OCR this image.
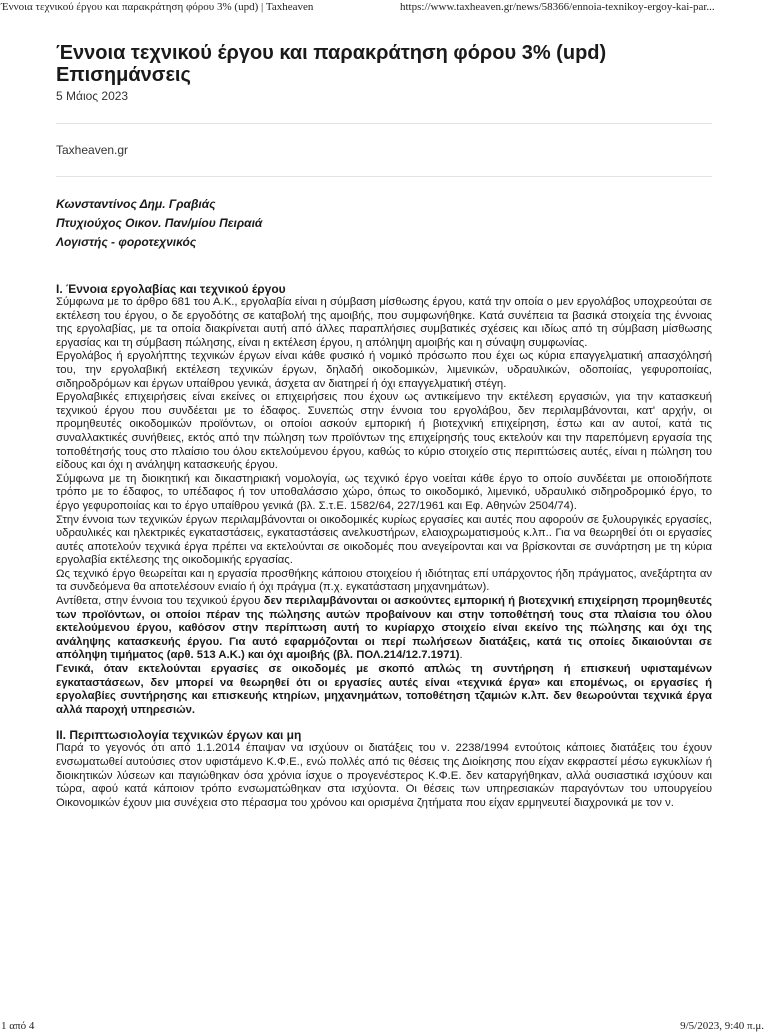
Έννοια τεχνικού έργου και παρακράτηση φόρου 3% (upd) | Taxheaven	https://www.taxheaven.gr/news/58366/ennoia-texnikoy-ergoy-kai-par...
Έννοια τεχνικού έργου και παρακράτηση φόρου 3% (upd) Επισημάνσεις
5 Μάιος 2023
Taxheaven.gr
Κωνσταντίνος Δημ. Γραβιάς
Πτυχιούχος Οικον. Παν/μίου Πειραιά
Λογιστής - φοροτεχνικός
I. Έννοια εργολαβίας και τεχνικού έργου

Σύμφωνα με το άρθρο 681 του Α.Κ., εργολαβία είναι η σύμβαση μίσθωσης έργου, κατά την οποία ο μεν εργολάβος υποχρεούται σε εκτέλεση του έργου, ο δε εργοδότης σε καταβολή της αμοιβής, που συμφωνήθηκε. Κατά συνέπεια τα βασικά στοιχεία της έννοιας της εργολαβίας, με τα οποία διακρίνεται αυτή από άλλες παραπλήσιες συμβατικές σχέσεις και ιδίως από τη σύμβαση μίσθωσης εργασίας και τη σύμβαση πώλησης, είναι η εκτέλεση έργου, η απόληψη αμοιβής και η σύναψη συμφωνίας.

Εργολάβος ή εργολήπτης τεχνικών έργων είναι κάθε φυσικό ή νομικό πρόσωπο που έχει ως κύρια επαγγελματική απασχόλησή του, την εργολαβική εκτέλεση τεχνικών έργων, δηλαδή οικοδομικών, λιμενικών, υδραυλικών, οδοποιίας, γεφυροποιίας, σιδηροδρόμων και έργων υπαίθρου γενικά, άσχετα αν διατηρεί ή όχι επαγγελματική στέγη.

Εργολαβικές επιχειρήσεις είναι εκείνες οι επιχειρήσεις που έχουν ως αντικείμενο την εκτέλεση εργασιών, για την κατασκευή τεχνικού έργου που συνδέεται με το έδαφος. Συνεπώς στην έννοια του εργολάβου, δεν περιλαμβάνονται, κατ' αρχήν, οι προμηθευτές οικοδομικών προϊόντων, οι οποίοι ασκούν εμπορική ή βιοτεχνική επιχείρηση, έστω και αν αυτοί, κατά τις συναλλακτικές συνήθειες, εκτός από την πώληση των προϊόντων της επιχείρησής τους εκτελούν και την παρεπόμενη εργασία της τοποθέτησής τους στο πλαίσιο του όλου εκτελούμενου έργου, καθώς το κύριο στοιχείο στις περιπτώσεις αυτές, είναι η πώληση του είδους και όχι η ανάληψη κατασκευής έργου.

Σύμφωνα με τη διοικητική και δικαστηριακή νομολογία, ως τεχνικό έργο νοείται κάθε έργο το οποίο συνδέεται με οποιοδήποτε τρόπο με το έδαφος, το υπέδαφος ή τον υποθαλάσσιο χώρο, όπως το οικοδομικό, λιμενικό, υδραυλικό σιδηροδρομικό έργο, το έργο γεφυροποιίας και το έργο υπαίθρου γενικά (βλ. Σ.τ.Ε. 1582/64, 227/1961 και Εφ. Αθηνών 2504/74).

Στην έννοια των τεχνικών έργων περιλαμβάνονται οι οικοδομικές κυρίως εργασίες και αυτές που αφορούν σε ξυλουργικές εργασίες, υδραυλικές και ηλεκτρικές εγκαταστάσεις, εγκαταστάσεις ανελκυστήρων, ελαιοχρωματισμούς κ.λπ.. Για να θεωρηθεί ότι οι εργασίες αυτές αποτελούν τεχνικά έργα πρέπει να εκτελούνται σε οικοδομές που ανεγείρονται και να βρίσκονται σε συνάρτηση με τη κύρια εργολαβία εκτέλεσης της οικοδομικής εργασίας.

Ως τεχνικό έργο θεωρείται και η εργασία προσθήκης κάποιου στοιχείου ή ιδιότητας επί υπάρχοντος ήδη πράγματος, ανεξάρτητα αν τα συνδεόμενα θα αποτελέσουν ενιαίο ή όχι πράγμα (π.χ. εγκατάσταση μηχανημάτων).

Αντίθετα, στην έννοια του τεχνικού έργου δεν περιλαμβάνονται οι ασκούντες εμπορική ή βιοτεχνική επιχείρηση προμηθευτές των προϊόντων, οι οποίοι πέραν της πώλησης αυτών προβαίνουν και στην τοποθέτησή τους στα πλαίσια του όλου εκτελούμενου έργου, καθόσον στην περίπτωση αυτή το κυρίαρχο στοιχείο είναι εκείνο της πώλησης και όχι της ανάληψης κατασκευής έργου. Για αυτό εφαρμόζονται οι περί πωλήσεων διατάξεις, κατά τις οποίες δικαιούνται σε απόληψη τιμήματος (αρθ. 513 Α.Κ.) και όχι αμοιβής (βλ. ΠΟΛ.214/12.7.1971).

Γενικά, όταν εκτελούνται εργασίες σε οικοδομές με σκοπό απλώς τη συντήρηση ή επισκευή υφισταμένων εγκαταστάσεων, δεν μπορεί να θεωρηθεί ότι οι εργασίες αυτές είναι «τεχνικά έργα» και επομένως, οι εργασίες ή εργολαβίες συντήρησης και επισκευής κτηρίων, μηχανημάτων, τοποθέτηση τζαμιών κ.λπ. δεν θεωρούνται τεχνικά έργα αλλά παροχή υπηρεσιών.

II. Περιπτωσιολογία τεχνικών έργων και μη

Παρά το γεγονός ότι από 1.1.2014 έπαψαν να ισχύουν οι διατάξεις του ν. 2238/1994 εντούτοις κάποιες διατάξεις του έχουν ενσωματωθεί αυτούσιες στον υφιστάμενο Κ.Φ.Ε., ενώ πολλές από τις θέσεις της Διοίκησης που είχαν εκφραστεί μέσω εγκυκλίων ή διοικητικών λύσεων και παγιώθηκαν όσα χρόνια ίσχυε ο προγενέστερος Κ.Φ.Ε. δεν καταργήθηκαν, αλλά ουσιαστικά ισχύουν και τώρα, αφού κατά κάποιον τρόπο ενσωματώθηκαν στα ισχύοντα. Οι θέσεις των υπηρεσιακών παραγόντων του υπουργείου Οικονομικών έχουν μια συνέχεια στο πέρασμα του χρόνου και ορισμένα ζητήματα που είχαν ερμηνευτεί διαχρονικά με τον ν.

1 από 4	9/5/2023, 9:40 π.μ.
